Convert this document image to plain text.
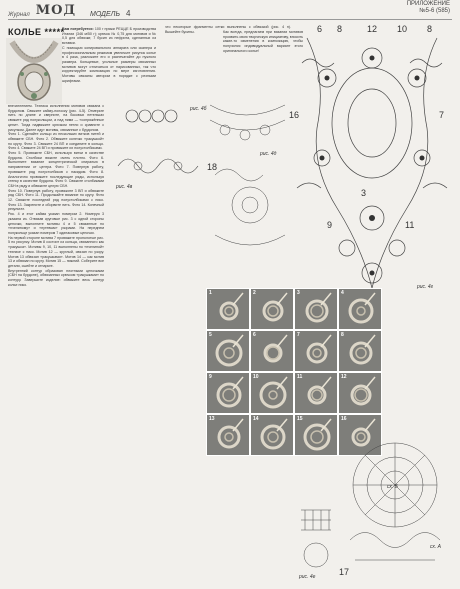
Журнал МОД МОДЕЛЬ 4
ПРИЛОЖЕНИЕ
№5-6 (585)
КОЛЬЕ *****

Вам потребуется: 100 г пряжи РЕЦЦЕ Б производства Италии (346 м/50 г); крючок № 0,75 для мотивов и № 0,5 для обвязки; 7 бусин из нефрита, сделанных из вставки.

С помощью копировального аппарата или сканера и профессиональным режимом увеличьте рисунок колье в 4 раза, разложите его и распечатайте до нужного размера. Кольцевые, угольные размеры связанных мотивов могут отличаться от нарисованных, так что корректируйте композицию по мере изготовления. Мотивы связаны автором в порядке с резными шрифтами.

впечатлением. Техника исполнения мотивов связана с бурдоном. Свяжите кайму-полоску (рис. 4-5). Отмерьте нить по длине и сверните, на боковых петельках свяжите ряд полукольцом, а над ними — «сопряжённые цепи». Тогда надвяжите крючком петли и сравните с рисунком. Далее идут мотивы, связанные с бурдоном.

Фото 1. Сделайте кольцо из нескольких витков нитей и обвяжите СБН. Фото 2. Обвяжите колечко «ракушкой» по кругу. Фото 3. Свяжите 24 ВП и соедините в кольцо. Фото 4. Свяжите 24 ВП и провяжите их полустолбиками.

Фото 5. Провяжите СБН, используя витки в качестве бурдона. Столбики вяжите очень плотно. Фото 6. Выполните вязание концентрической спиралью в направлении от центра. Фото 7. Повернув работу, провяжите ряд полустолбиков с накидом. Фото 8. Аналогично провяжите последующие ряды, используя стенку в качестве бурдона. Фото 9. Свяжите столбиками СБН в ряду и обвяжите целую СБН.

Фото 10. Повернув работу, провяжите 3 ВП и обвяжите ряд СБН. Фото 11. Продолжайте вязание по кругу. Фото 12. Свяжите последний ряд полустолбиками с пико. Фото 13. Закрепите и оборвите нить. Фото 14. Конечный результат.

Рис. 4 и этот кайма указан номером 2. Номеруя 3 указана из. Отвязав круговые рис. 3 с одной стороны цепочки, выполните мотивы 4 и 5 связанные по «пчелиному» и «путевым» узорами. На переднем полукольце указан номером 7 одинаковые цепочки.

На первой стороне мотива 7 провяжите прополотые рис. 5 по рисунку. Мотив 8 состоит из кольца, связанного как «ракушка». Мотивы 9, 10, 11 выполнены по «пчелиной» технике с пико. Мотив 12 — круглый, связан по узору. Мотив 13 обвязан «ракушками». Мотив 14 — как мотив 13 и обвязан по кругу. Мотив 15 — нижний. Соберите все детали, сшейте и отпарьте.

Внутренний контур образован плотными цепочками (СБН на бурдоне), обвязанных крючком «ракушками» по контуру. Завершите изделие: обвяжите весь контур колье пико.

что некоторые фрагменты сетки выполнены с обвязкой (рис. 4 п). Вышейте бусины.	Как всегда, предлагаем при вязании мотивов проявить свою творческую инициативу, вносить какие-то изменения в композицию, чтобы получился индивидуальный вариант этого оригинального колье!
рис. 4б
рис. 4в
6 8	12 10 8
16	7
3
9	11
рис. 4г
18
рис. 4д
1	2	3	4
5	6	7	8
9	10	11	12
13	14	15	16
сх. Б
сх. А
17
рис. 4е
